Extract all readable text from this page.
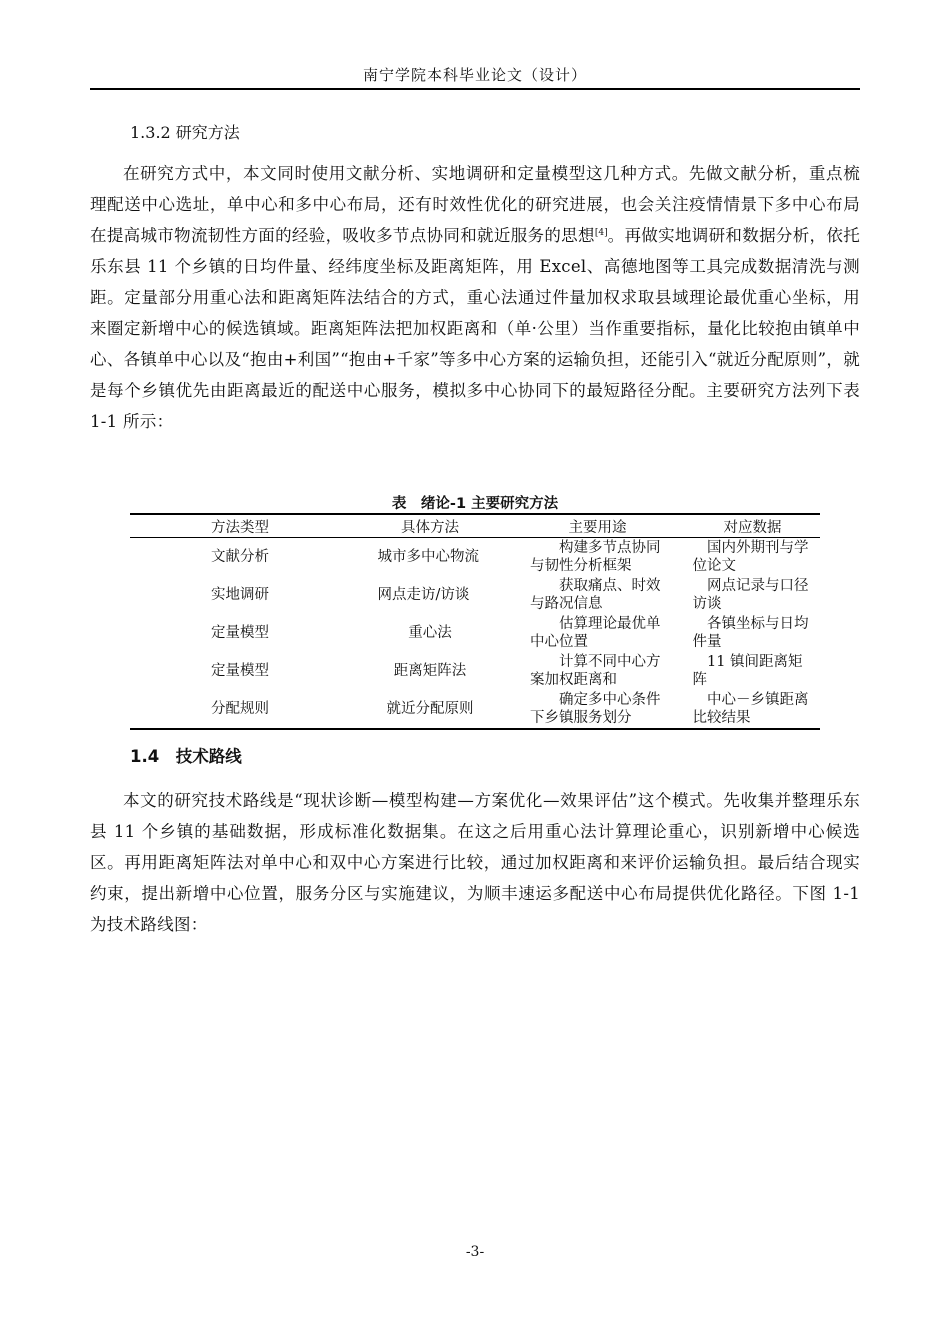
南宁学院本科毕业论文（设计）
1.3.2 研究方法

在研究方式中，本文同时使用文献分析、实地调研和定量模型这几种方式。先做文献分析，重点梳理配送中心选址，单中心和多中心布局，还有时效性优化的研究进展，也会关注疫情情景下多中心布局在提高城市物流韧性方面的经验，吸收多节点协同和就近服务的思想[4]。再做实地调研和数据分析，依托乐东县 11 个乡镇的日均件量、经纬度坐标及距离矩阵，用 Excel、高德地图等工具完成数据清洗与测距。定量部分用重心法和距离矩阵法结合的方式，重心法通过件量加权求取县域理论最优重心坐标，用来圈定新增中心的候选镇域。距离矩阵法把加权距离和（单·公里）当作重要指标，量化比较抱由镇单中心、各镇单中心以及“抱由+利国”“抱由+千家”等多中心方案的运输负担，还能引入“就近分配原则”，就是每个乡镇优先由距离最近的配送中心服务，模拟多中心协同下的最短路径分配。主要研究方法列下表 1-1 所示：

表　绪论-1 主要研究方法
方法类型	具体方法	主要用途	对应数据
文献分析	城市多中心物流	构建多节点协同与韧性分析框架	国内外期刊与学位论文

实地调研	网点走访/访谈	获取痛点、时效与路况信息	网点记录与口径访谈

定量模型	重心法	估算理论最优单中心位置	各镇坐标与日均件量

定量模型	距离矩阵法	计算不同中心方案加权距离和	11 镇间距离矩阵

分配规则	就近分配原则	确定多中心条件下乡镇服务划分	中心－乡镇距离比较结果
1.4　技术路线

本文的研究技术路线是“现状诊断—模型构建—方案优化—效果评估”这个模式。先收集并整理乐东县 11 个乡镇的基础数据，形成标准化数据集。在这之后用重心法计算理论重心，识别新增中心候选区。再用距离矩阵法对单中心和双中心方案进行比较，通过加权距离和来评价运输负担。最后结合现实约束，提出新增中心位置，服务分区与实施建议，为顺丰速运多配送中心布局提供优化路径。下图 1-1 为技术路线图：

-3-
